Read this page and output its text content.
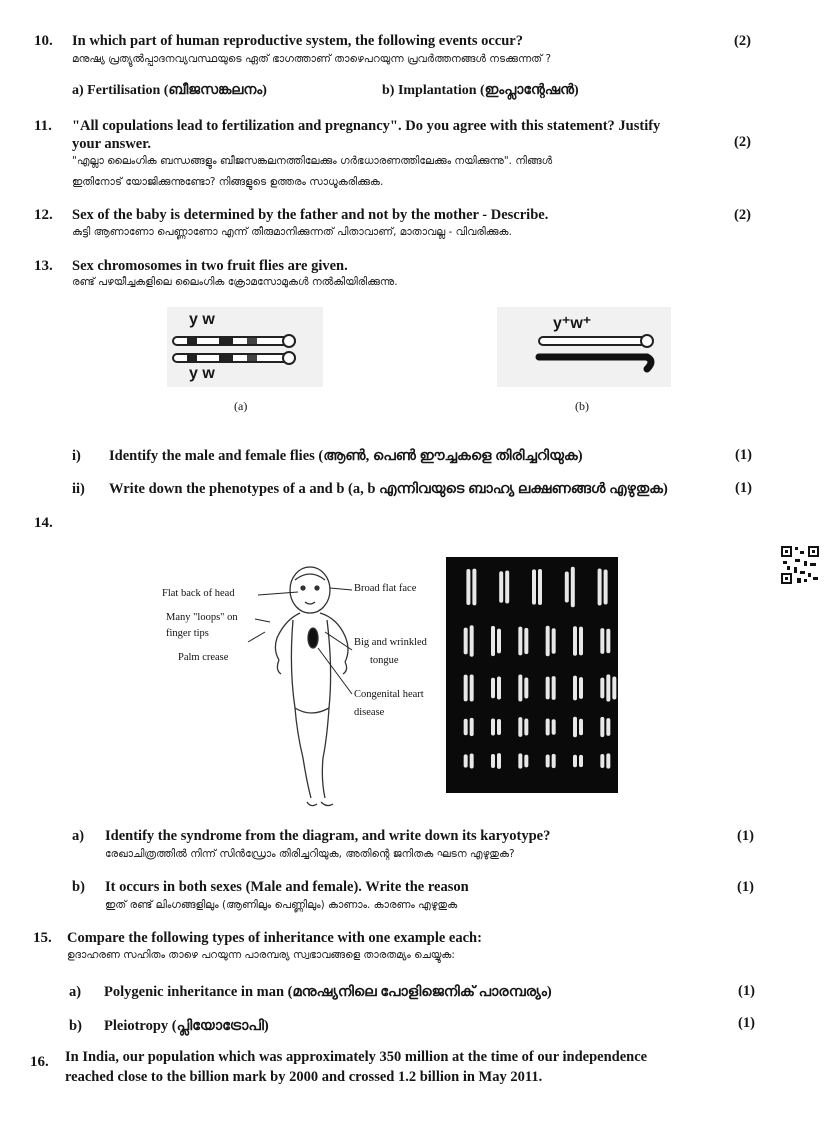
10. In which part of human reproductive system, the following events occur?	(2)
മനുഷ്യ പ്രത്യുൽപ്പാദനവ്യവസ്ഥയുടെ ഏത് ഭാഗത്താണ് താഴെപറയുന്ന പ്രവർത്തനങ്ങൾ നടക്കുന്നത് ?
a) Fertilisation (ബീജസങ്കലനം)	b) Implantation (ഇംപ്ലാന്റേഷൻ)
11. "All copulations lead to fertilization and pregnancy". Do you agree with this statement? Justify
your answer.	(2)
"എല്ലാ ലൈംഗിക ബന്ധങ്ങളും ബീജസങ്കലനത്തിലേക്കും ഗർഭധാരണത്തിലേക്കും നയിക്കുന്നു". നിങ്ങൾ
ഇതിനോട് യോജിക്കുന്നുണ്ടോ? നിങ്ങളുടെ ഉത്തരം സാധൂകരിക്കുക.
12. Sex of the baby is determined by the father and not by the mother - Describe.	(2)
കുട്ടി ആണാണോ പെണ്ണാണോ എന്ന് തീരുമാനിക്കുന്നത് പിതാവാണ്, മാതാവല്ല - വിവരിക്കുക.
13. Sex chromosomes in two fruit flies are given.
രണ്ട് പഴയീച്ചകളിലെ ലൈംഗിക ക്രോമസോമുകൾ നൽകിയിരിക്കുന്നു.
y w
y w
(a)
y⁺w⁺
(b)
i) Identify the male and female flies (ആൺ, പെൺ ഈച്ചകളെ തിരിച്ചറിയുക)	(1)
ii) Write down the phenotypes of a and b (a, b എന്നിവയുടെ ബാഹ്യ ലക്ഷണങ്ങൾ എഴുതുക)	(1)
14.
Flat back of head
Many "loops" on
finger tips
Palm crease
Broad flat face
Big and wrinkled
tongue
Congenital heart
disease
a) Identify the syndrome from the diagram, and write down its karyotype?	(1)
രേഖാചിത്രത്തിൽ നിന്ന് സിൻഡ്രോം തിരിച്ചറിയുക, അതിന്റെ ജനിതക ഘടന എഴുതുക?
b) It occurs in both sexes (Male and female). Write the reason	(1)
ഇത് രണ്ട് ലിംഗങ്ങളിലും (ആണിലും പെണ്ണിലും) കാണാം. കാരണം എഴുതുക
15. Compare the following types of inheritance with one example each:
ഉദാഹരണ സഹിതം താഴെ പറയുന്ന പാരമ്പര്യ സ്വഭാവങ്ങളെ താരതമ്യം ചെയ്യുക:
a) Polygenic inheritance in man (മനുഷ്യനിലെ പോളിജെനിക് പാരമ്പര്യം)	(1)
b) Pleiotropy (പ്ലിയോട്രോപി)	(1)
16. In India, our population which was approximately 350 million at the time of our independence
reached close to the billion mark by 2000 and crossed 1.2 billion in May 2011.
